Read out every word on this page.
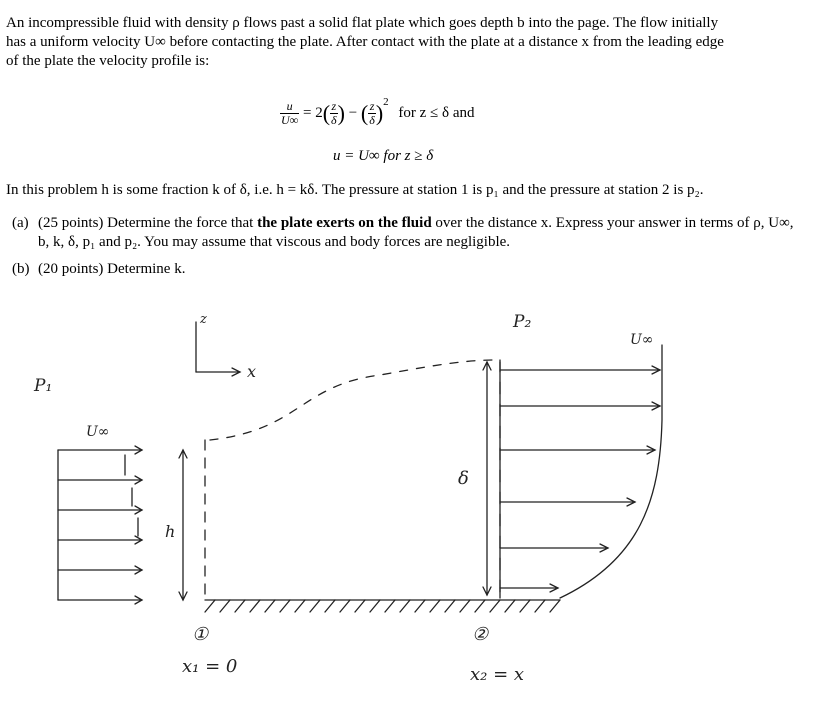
An incompressible fluid with density ρ flows past a solid flat plate which goes depth b into the page. The flow initially
has a uniform velocity U∞ before contacting the plate. After contact with the plate at a distance x from the leading edge
of the plate the velocity profile is:
$\frac{u}{U\infty} = 2( \frac{z}{\delta}$ ) − ( $\frac{z}{\delta} )^2$ for z ≤ δ and
u = U∞ for z ≥ δ
In this problem h is some fraction k of δ, i.e. h = kδ. The pressure at station 1 is p₁ and the pressure at station 2 is p₂.
(a) (25 points) Determine the force that the plate exerts on the fluid over the distance x. Express your answer in terms of ρ, U∞, b, k, δ, p₁ and p₂. You may assume that viscous and body forces are negligible.
(b) (20 points) Determine k.
P₁
P₂
U∞
U∞
z
x
h
δ
①	②
x₁ = 0	x₂ = x
